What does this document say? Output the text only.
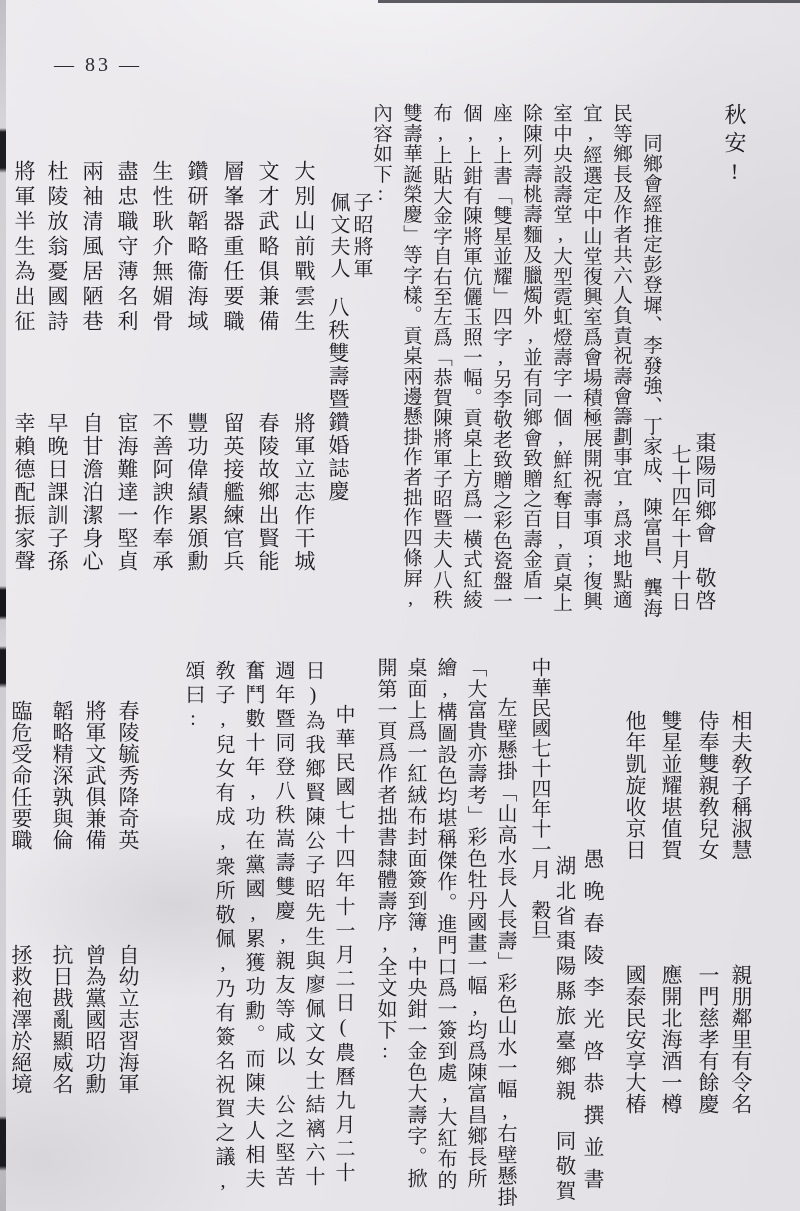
— 83 —
秋安!
棗陽同鄉會　敬啓
七十四年十月十日
同鄉會經推定彭登墀、李發強、丁家成、陳富昌、龔海民等鄉長及作者共六人負責祝壽會籌劃事宜,爲求地點適宜,經選定中山堂復興室爲會場積極展開祝壽事項;復興室中央設壽堂,大型霓虹燈壽字一個,鮮紅奪目,貢桌上除陳列壽桃壽麵及臘燭外,並有同鄉會致贈之百壽金盾一座,上書「雙星並耀」四字,另李敬老致贈之彩色瓷盤一個,上鉗有陳將軍伉儷玉照一幅。貢桌上方爲一橫式紅綾布,上貼大金字自右至左爲「恭賀陳將軍子昭暨夫人八秩雙壽華誕榮慶」等字樣。貢桌兩邊懸掛作者拙作四條屛,內容如下:
子昭將軍佩文夫人八秩雙壽暨鑽婚誌慶
大別山前戰雲生將軍立志作干城
文才武略俱兼備春陵故鄉出賢能
層峯器重任要職留英接艦練官兵
鑽研韜略衞海域豐功偉績累頒勳
生性耿介無媚骨不善阿諛作奉承
盡忠職守薄名利宦海難達一堅貞
兩袖清風居陋巷自甘澹泊潔身心
杜陵放翁憂國詩早晚日課訓子孫
將軍半生為出征幸賴德配振家聲
相夫敎子稱淑慧親朋鄰里有令名
侍奉雙親敎兒女一門慈孝有餘慶
雙星並耀堪值賀應開北海酒一樽
他年凱旋收京日國泰民安享大椿
愚晚春陵李光啓恭撰並書
湖北省棗陽縣旅臺鄉親　同敬賀
中華民國七十四年十一月　穀旦
左壁懸掛「山高水長人長壽」彩色山水一幅,右壁懸掛「大富貴亦壽考」彩色牡丹國畫一幅,均爲陳富昌鄉長所繪,構圖設色均堪稱傑作。進門口爲一簽到處,大紅布的桌面上爲一紅絨布封面簽到簿,中央鉗一金色大壽字。掀開第一頁爲作者拙書隸體壽序,全文如下:
中華民國七十四年十一月二日(農曆九月二十日)為我鄉賢陳公子昭先生與廖佩文女士結褵六十週年暨同登八秩嵩壽雙慶,親友等咸以　公之堅苦奮鬥數十年,功在黨國,累獲功勳。而陳夫人相夫敎子,兒女有成,衆所敬佩,乃有簽名祝賀之議,頌曰:
春陵毓秀降奇英自幼立志習海軍
將軍文武俱兼備曾為黨國昭功勳
韜略精深孰與倫抗日戡亂顯威名
臨危受命任要職拯救袍澤於絕境
